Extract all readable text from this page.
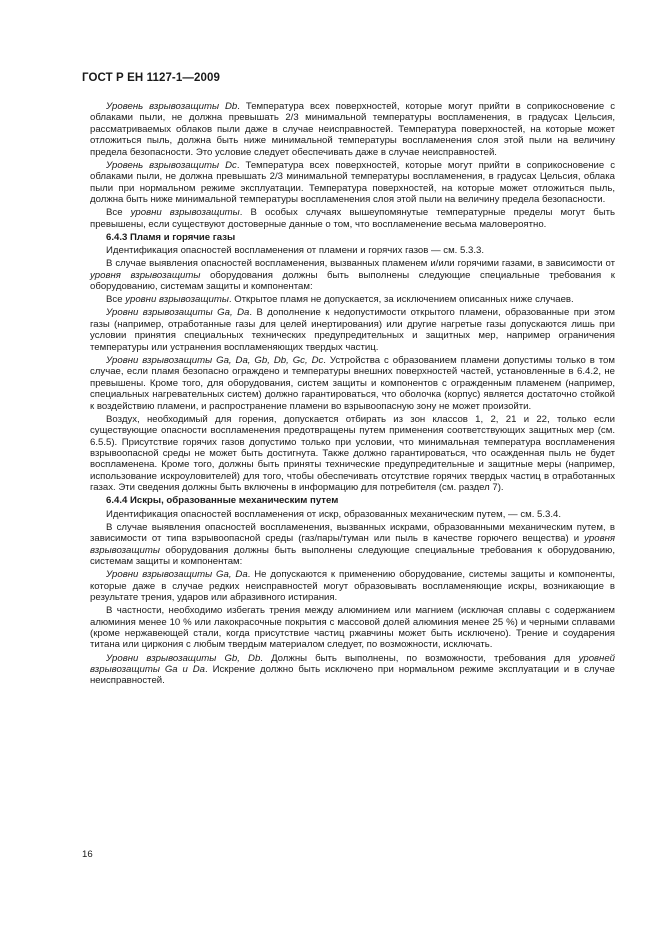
ГОСТ Р ЕН 1127-1—2009

Уровень взрывозащиты Db. Температура всех поверхностей, которые могут прийти в соприкосновение с облаками пыли, не должна превышать 2/3 минимальной температуры воспламенения, в градусах Цельсия, рассматриваемых облаков пыли даже в случае неисправностей. Температура поверхностей, на которые может отложиться пыль, должна быть ниже минимальной температуры воспламенения слоя этой пыли на величину предела безопасности. Это условие следует обеспечивать даже в случае неисправностей.

Уровень взрывозащиты Dc. Температура всех поверхностей, которые могут прийти в соприкосновение с облаками пыли, не должна превышать 2/3 минимальной температуры воспламенения, в градусах Цельсия, облака пыли при нормальном режиме эксплуатации. Температура поверхностей, на которые может отложиться пыль, должна быть ниже минимальной температуры воспламенения слоя этой пыли на величину предела безопасности.

Все уровни взрывозащиты. В особых случаях вышеупомянутые температурные пределы могут быть превышены, если существуют достоверные данные о том, что воспламенение весьма маловероятно.

6.4.3 Пламя и горячие газы

Идентификация опасностей воспламенения от пламени и горячих газов — см. 5.3.3.

В случае выявления опасностей воспламенения, вызванных пламенем и/или горячими газами, в зависимости от уровня взрывозащиты оборудования должны быть выполнены следующие специальные требования к оборудованию, системам защиты и компонентам:

Все уровни взрывозащиты. Открытое пламя не допускается, за исключением описанных ниже случаев.

Уровни взрывозащиты Ga, Da. В дополнение к недопустимости открытого пламени, образованные при этом газы (например, отработанные газы для целей инертирования) или другие нагретые газы допускаются лишь при условии принятия специальных технических предупредительных и защитных мер, например ограничения температуры или устранения воспламеняющих твердых частиц.

Уровни взрывозащиты Ga, Da, Gb, Db, Gc, Dc. Устройства с образованием пламени допустимы только в том случае, если пламя безопасно ограждено и температуры внешних поверхностей частей, установленные в 6.4.2, не превышены. Кроме того, для оборудования, систем защиты и компонентов с огражденным пламенем (например, специальных нагревательных систем) должно гарантироваться, что оболочка (корпус) является достаточно стойкой к воздействию пламени, и распространение пламени во взрывоопасную зону не может произойти.

Воздух, необходимый для горения, допускается отбирать из зон классов 1, 2, 21 и 22, только если существующие опасности воспламенения предотвращены путем применения соответствующих защитных мер (см. 6.5.5). Присутствие горячих газов допустимо только при условии, что минимальная температура воспламенения взрывоопасной среды не может быть достигнута. Также должно гарантироваться, что осажденная пыль не будет воспламенена. Кроме того, должны быть приняты технические предупредительные и защитные меры (например, использование искроуловителей) для того, чтобы обеспечивать отсутствие горячих твердых частиц в отработанных газах. Эти сведения должны быть включены в информацию для потребителя (см. раздел 7).

6.4.4 Искры, образованные механическим путем

Идентификация опасностей воспламенения от искр, образованных механическим путем, — см. 5.3.4.

В случае выявления опасностей воспламенения, вызванных искрами, образованными механическим путем, в зависимости от типа взрывоопасной среды (газ/пары/туман или пыль в качестве горючего вещества) и уровня взрывозащиты оборудования должны быть выполнены следующие специальные требования к оборудованию, системам защиты и компонентам:

Уровни взрывозащиты Ga, Da. Не допускаются к применению оборудование, системы защиты и компоненты, которые даже в случае редких неисправностей могут образовывать воспламеняющие искры, возникающие в результате трения, ударов или абразивного истирания.

В частности, необходимо избегать трения между алюминием или магнием (исключая сплавы с содержанием алюминия менее 10 % или лакокрасочные покрытия с массовой долей алюминия менее 25 %) и черными сплавами (кроме нержавеющей стали, когда присутствие частиц ржавчины может быть исключено). Трение и соударения титана или циркония с любым твердым материалом следует, по возможности, исключать.

Уровни взрывозащиты Gb, Db. Должны быть выполнены, по возможности, требования для уровней взрывозащиты Ga и Da. Искрение должно быть исключено при нормальном режиме эксплуатации и в случае неисправностей.

16
